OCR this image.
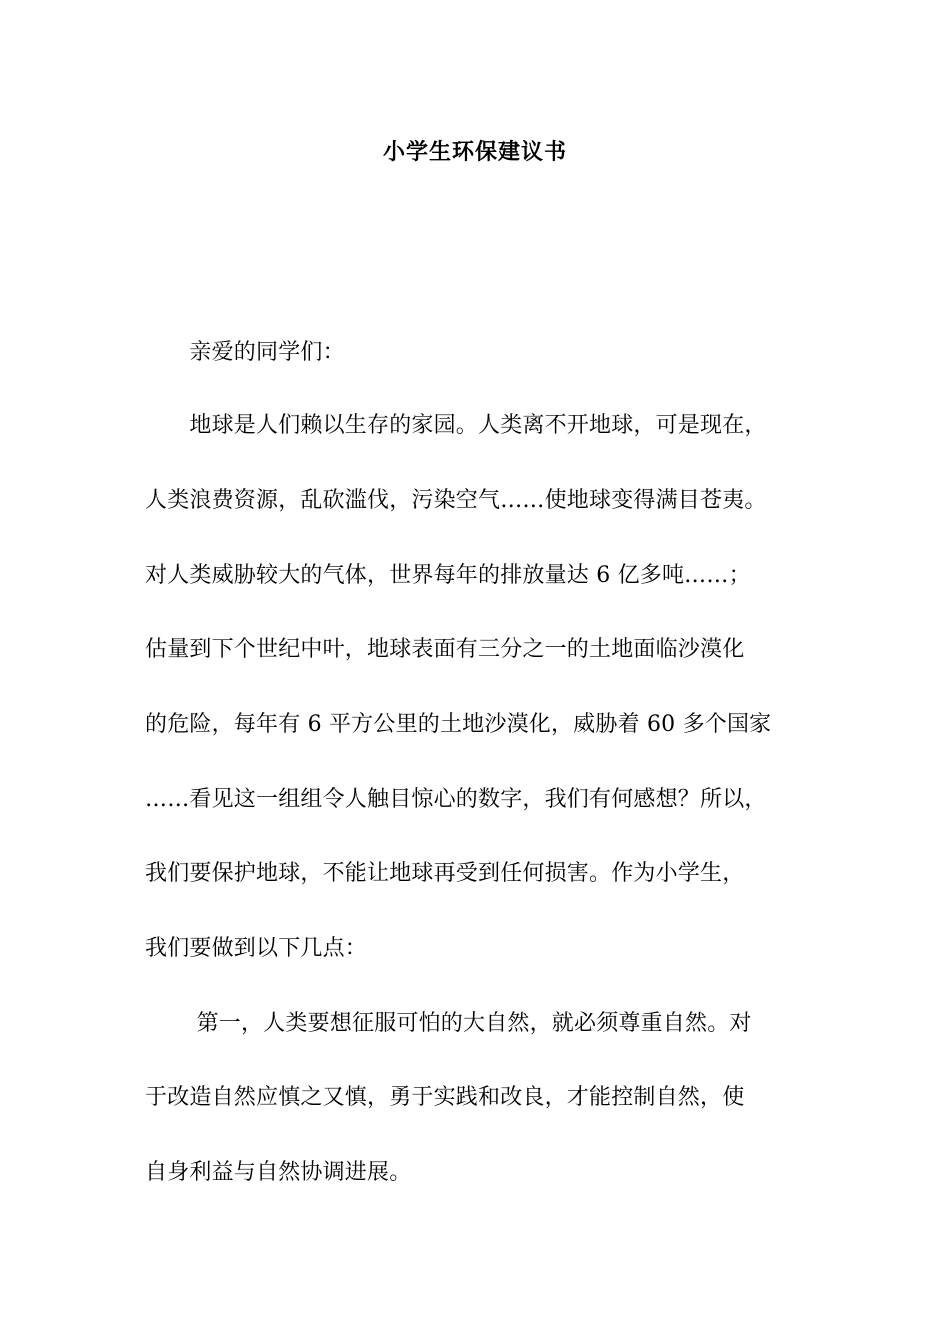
小学生环保建议书
　　亲爱的同学们：
　　地球是人们赖以生存的家园。人类离不开地球，可是现在，
人类浪费资源，乱砍滥伐，污染空气……使地球变得满目苍夷。
对人类威胁较大的气体，世界每年的排放量达 6 亿多吨……；
估量到下个世纪中叶，地球表面有三分之一的土地面临沙漠化
的危险，每年有 6 平方公里的土地沙漠化，威胁着 60 多个国家
……看见这一组组令人触目惊心的数字，我们有何感想？所以，
我们要保护地球，不能让地球再受到任何损害。作为小学生，
我们要做到以下几点：
　　 第一，人类要想征服可怕的大自然，就必须尊重自然。对
于改造自然应慎之又慎，勇于实践和改良，才能控制自然，使
自身利益与自然协调进展。
